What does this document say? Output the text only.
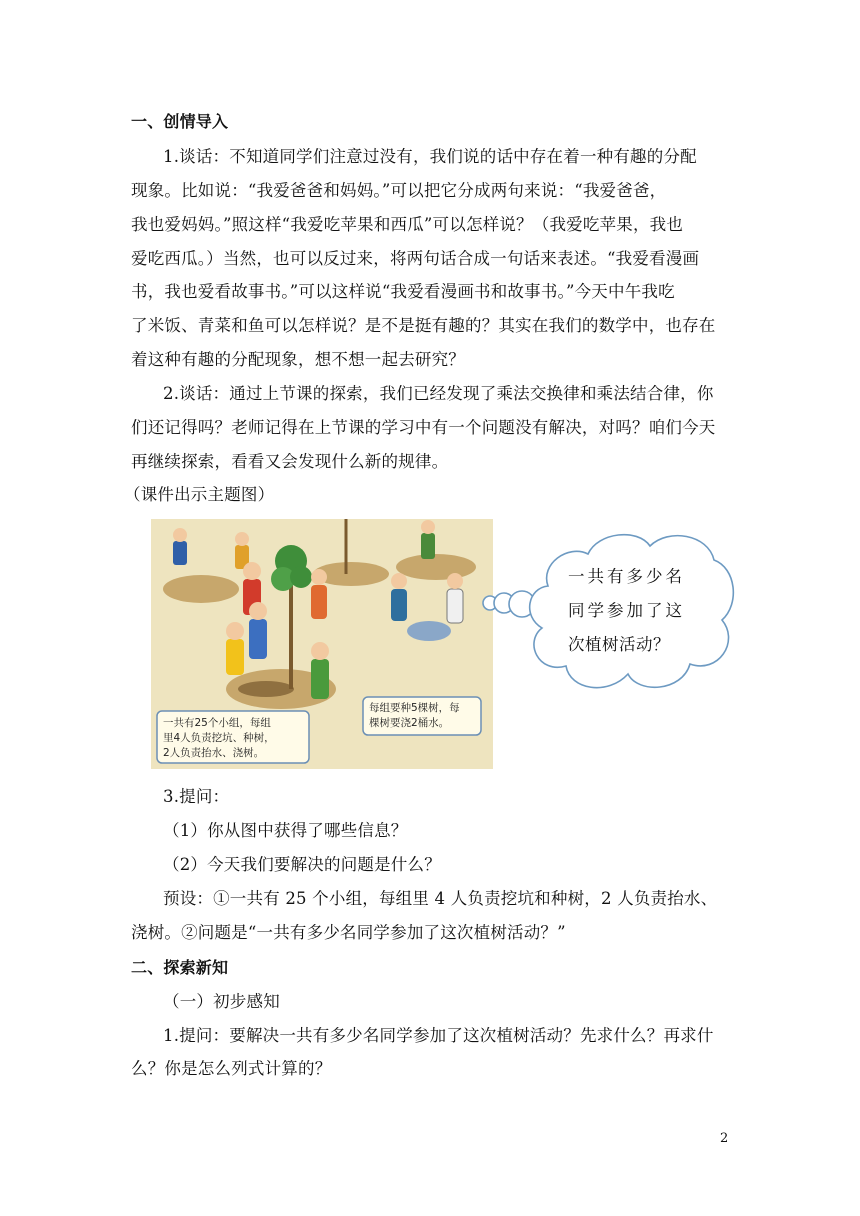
一、创情导入
1.谈话：不知道同学们注意过没有，我们说的话中存在着一种有趣的分配
现象。比如说：“我爱爸爸和妈妈。”可以把它分成两句来说：“我爱爸爸，
我也爱妈妈。”照这样“我爱吃苹果和西瓜”可以怎样说？（我爱吃苹果，我也
爱吃西瓜。）当然，也可以反过来，将两句话合成一句话来表述。“我爱看漫画
书，我也爱看故事书。”可以这样说“我爱看漫画书和故事书。”今天中午我吃
了米饭、青菜和鱼可以怎样说？是不是挺有趣的？其实在我们的数学中，也存在
着这种有趣的分配现象，想不想一起去研究？
2.谈话：通过上节课的探索，我们已经发现了乘法交换律和乘法结合律，你
们还记得吗？老师记得在上节课的学习中有一个问题没有解决，对吗？咱们今天
再继续探索，看看又会发现什么新的规律。
（课件出示主题图）
一共有25个小组，每组
里4人负责挖坑、种树，
2人负责抬水、浇树。
每组要种5棵树，每
棵树要浇2桶水。
一共有多少名
同学参加了这
次植树活动？
3.提问：
（1）你从图中获得了哪些信息？
（2）今天我们要解决的问题是什么？
预设：①一共有 25 个小组，每组里 4 人负责挖坑和种树，2 人负责抬水、
浇树。②问题是“一共有多少名同学参加了这次植树活动？”
二、探索新知
（一）初步感知
1.提问：要解决一共有多少名同学参加了这次植树活动？先求什么？再求什
么？你是怎么列式计算的？
2
